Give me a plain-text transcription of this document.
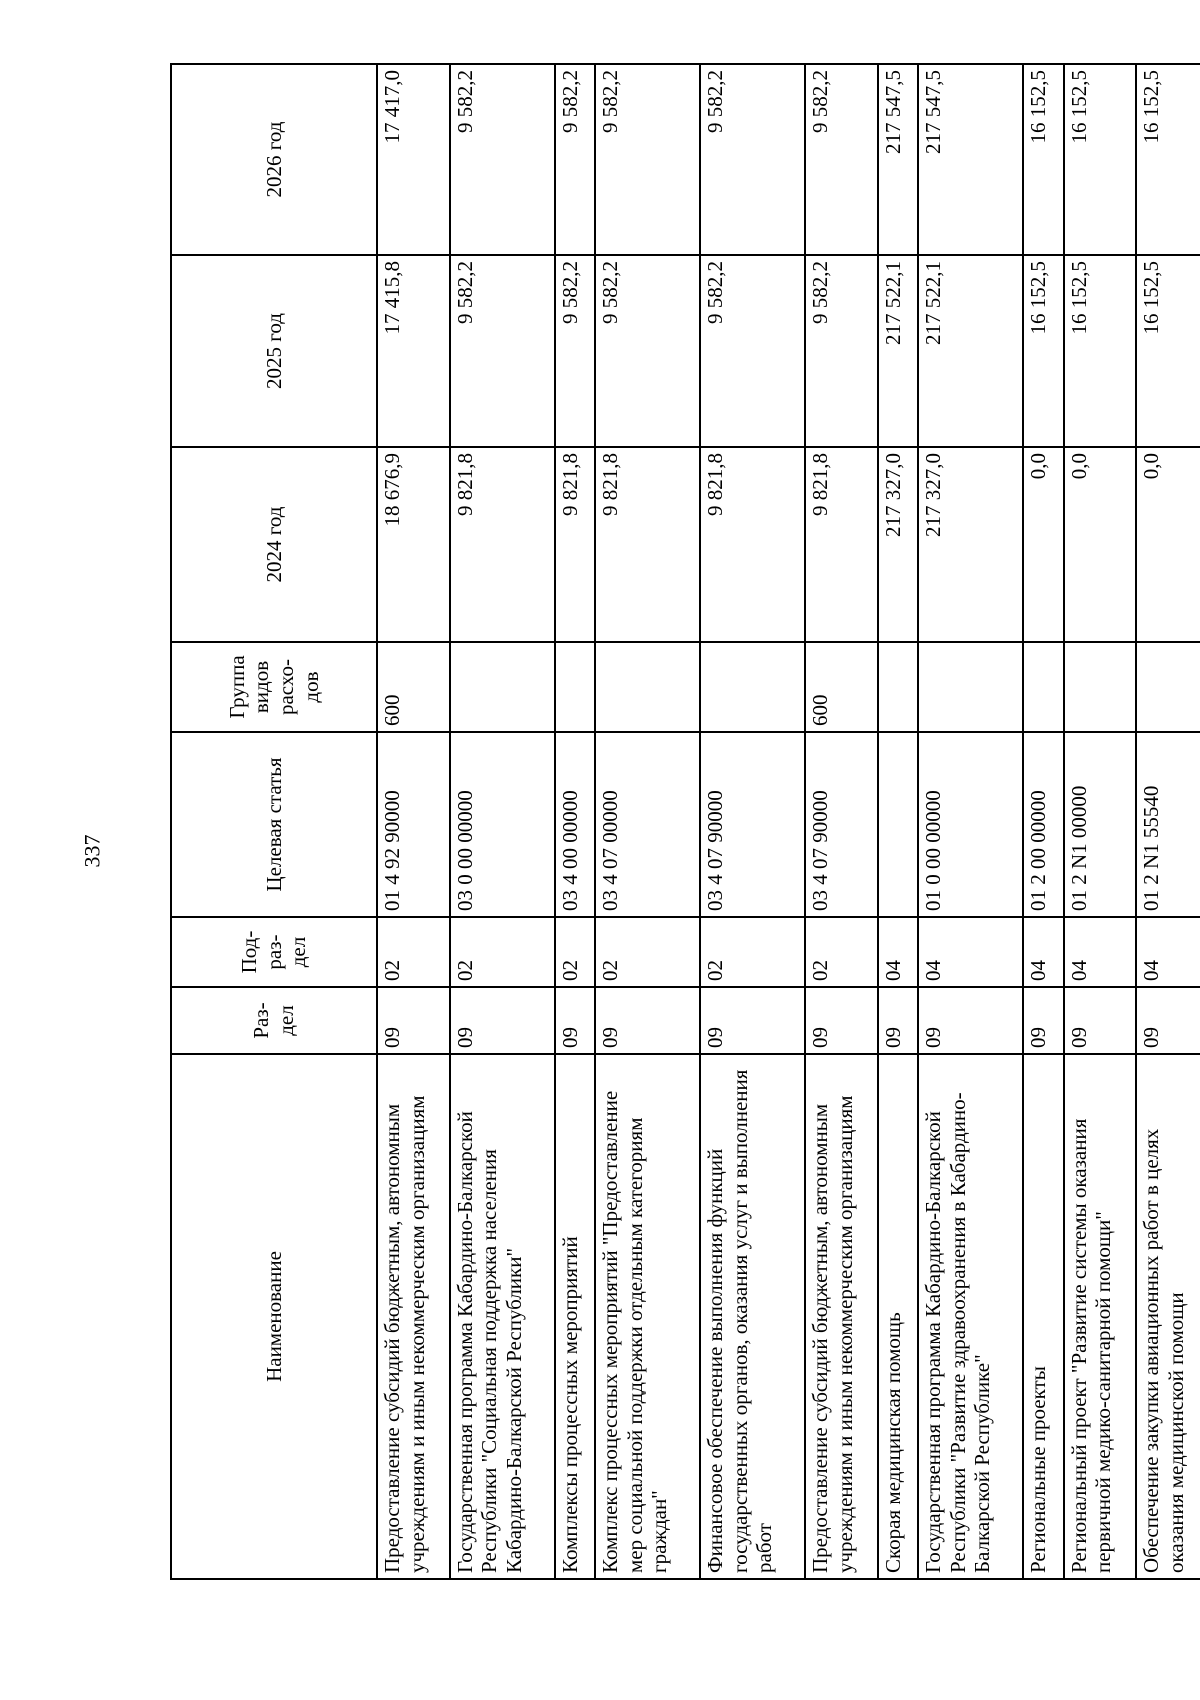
337
Наименование	Раз-дел	Под-раз-дел	Целевая статья	Группа видов расхо-дов	2024 год	2025 год	2026 год
Предоставление субсидий бюджетным, автономным учреждениям и иным некоммерческим организациям	09	02	01 4 92 90000	600	18 676,9	17 415,8	17 417,0
Государственная программа Кабардино-Балкарской Республики "Социальная поддержка населения Кабардино-Балкарской Республики"	09	02	03 0 00 00000		9 821,8	9 582,2	9 582,2
Комплексы процессных мероприятий	09	02	03 4 00 00000		9 821,8	9 582,2	9 582,2
Комплекс процессных мероприятий "Предоставление мер социальной поддержки отдельным категориям граждан"	09	02	03 4 07 00000		9 821,8	9 582,2	9 582,2
Финансовое обеспечение выполнения функций государственных органов, оказания услуг и выполнения работ	09	02	03 4 07 90000		9 821,8	9 582,2	9 582,2
Предоставление субсидий бюджетным, автономным учреждениям и иным некоммерческим организациям	09	02	03 4 07 90000	600	9 821,8	9 582,2	9 582,2
Скорая медицинская помощь	09	04			217 327,0	217 522,1	217 547,5
Государственная программа Кабардино-Балкарской Республики "Развитие здравоохранения в Кабардино-Балкарской Республике"	09	04	01 0 00 00000		217 327,0	217 522,1	217 547,5
Региональные проекты	09	04	01 2 00 00000		0,0	16 152,5	16 152,5
Региональный проект "Развитие системы оказания первичной медико-санитарной помощи"	09	04	01 2 N1 00000		0,0	16 152,5	16 152,5
Обеспечение закупки авиационных работ в целях оказания медицинской помощи	09	04	01 2 N1 55540		0,0	16 152,5	16 152,5
